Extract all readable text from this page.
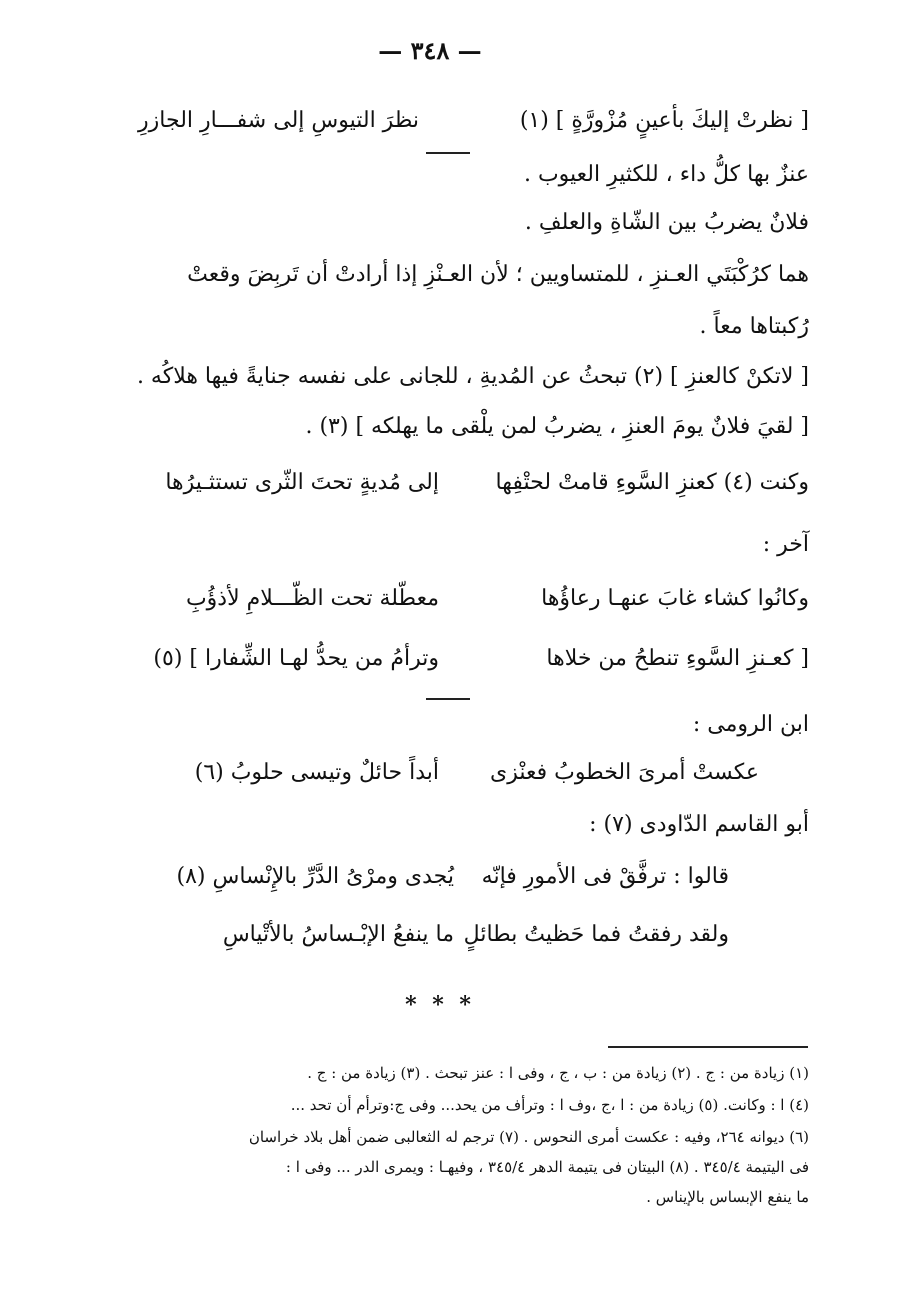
— ٣٤٨ —
[ نظرتْ إليكَ بأعينٍ مُزْورَّةٍ ] (١)
نظرَ التيوسِ إلى شفـــارِ الجازرِ
عنزٌ بها كلُّ داء ، للكثيرِ العيوب .
فلانٌ يضربُ بين الشّاةِ والعلفِ .
هما كرُكْبَتَي العـنزِ ، للمتساويين ؛ لأن العـنْزِ إذا أرادتْ أن تَربِضَ وقعتْ
رُكبتاها معاً .
[ لاتكنْ كالعنزِ ] (٢) تبحثُ عن المُديةِ ، للجانى على نفسه جنايةً فيها هلاكُه .
[ لقيَ فلانٌ يومَ العنزِ ، يضربُ لمن يلْقى ما يهلكه ] (٣) .
وكنت (٤) كعنزِ السَّوءِ قامتْ لحتْفِها
إلى مُديةٍ تحتَ الثّرى تستثـيرُها
آخر :
وكانُوا كشاء غابَ عنهـا رعاؤُها
معطّلة تحت الظّـــلامِ لأذؤُبِ
[ كعـنزِ السَّوءِ تنطحُ من خلاها
وترأمُ من يحدُّ لهـا الشِّفارا ] (٥)
ابن الرومى :
عكستْ أمرىَ الخطوبُ فعنْزى
أبداً حائلٌ وتيسى حلوبُ (٦)
أبو القاسم الدّاودى (٧) :
قالوا : ترفَّقْ فى الأمورِ فإنّه
يُجدى ومرْىُ الدَّرِّ بالإِنْساسِ (٨)
ولقد رفقتُ فما حَظيتُ بطائلٍ
ما ينفعُ الإبْـساسُ بالأتْياسِ
* * *
(١) زيادة من : ج . (٢) زيادة من : ب ، ج ، وفى ا : عنز تبحث . (٣) زيادة من : ج .
(٤) ا : وكانت. (٥) زيادة من : ا ،ج ،وف ا : وترأف من يحد... وفى ج:وترأم أن تحد ...
(٦) ديوانه ٢٦٤، وفيه : عكست أمرى النحوس . (٧) ترجم له الثعالبى ضمن أهل بلاد خراسان
فى اليتيمة ٣٤٥/٤ . (٨) البيتان فى يتيمة الدهر ٣٤٥/٤ ، وفيهـا : ويمرى الدر ... وفى ا :
ما ينفع الإبساس بالإيناس .
